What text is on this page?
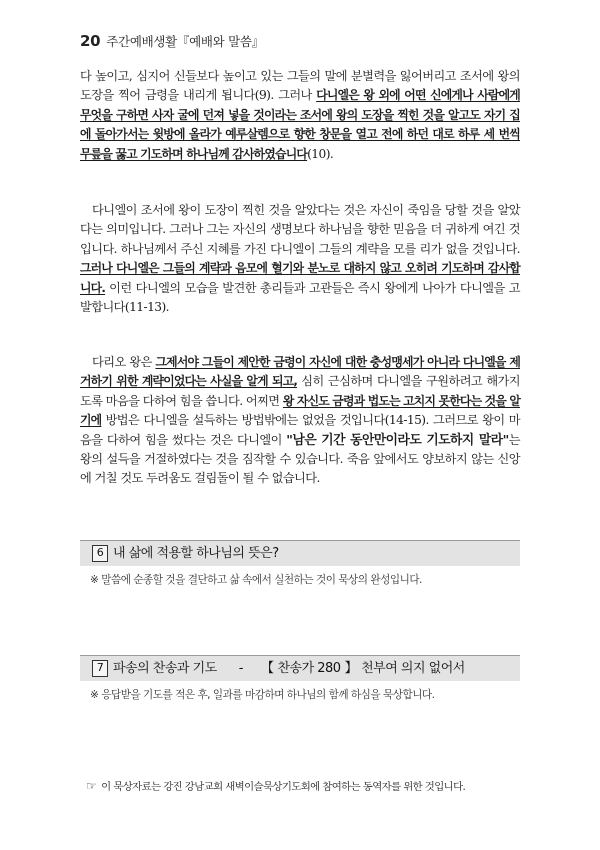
20 주간예배생활『예배와 말씀』

다 높이고, 심지어 신들보다 높이고 있는 그들의 말에 분별력을 잃어버리고 조서에 왕의 도장을 찍어 금령을 내리게 됩니다(9). 그러나 다니엘은 왕 외에 어떤 신에게나 사람에게 무엇을 구하면 사자 굴에 던져 넣을 것이라는 조서에 왕의 도장을 찍힌 것을 알고도 자기 집에 돌아가서는 윗방에 올라가 예루살렘으로 향한 창문을 열고 전에 하던 대로 하루 세 번씩 무릎을 꿇고 기도하며 하나님께 감사하였습니다(10).

다니엘이 조서에 왕이 도장이 찍힌 것을 알았다는 것은 자신이 죽임을 당할 것을 알았다는 의미입니다. 그러나 그는 자신의 생명보다 하나님을 향한 믿음을 더 귀하게 여긴 것입니다. 하나님께서 주신 지혜를 가진 다니엘이 그들의 계략을 모를 리가 없을 것입니다. 그러나 다니엘은 그들의 계략과 음모에 혈기와 분노로 대하지 않고 오히려 기도하며 감사합니다. 이런 다니엘의 모습을 발견한 총리들과 고관들은 즉시 왕에게 나아가 다니엘을 고발합니다(11-13).

다리오 왕은 그제서야 그들이 제안한 금령이 자신에 대한 충성맹세가 아니라 다니엘을 제거하기 위한 계략이었다는 사실을 알게 되고, 심히 근심하며 다니엘을 구원하려고 해가지도록 마음을 다하여 힘을 씁니다. 어찌면 왕 자신도 금령과 법도는 고치지 못한다는 것을 알기에 방법은 다니엘을 설득하는 방법밖에는 없었을 것입니다(14-15). 그러므로 왕이 마음을 다하여 힘을 썼다는 것은 다니엘이 "남은 기간 동안만이라도 기도하지 말라"는 왕의 설득을 거절하였다는 것을 짐작할 수 있습니다. 죽음 앞에서도 양보하지 않는 신앙에 거칠 것도 두려움도 걸림돌이 될 수 없습니다.

6 내 삶에 적용할 하나님의 뜻은?
※ 말씀에 순종할 것을 결단하고 삶 속에서 실천하는 것이 묵상의 완성입니다.
7 파송의 찬송과 기도 - 【 찬송가 280 】 천부여 의지 없어서
※ 응답받을 기도를 적은 후, 일과를 마감하며 하나님의 함께 하심을 묵상합니다.
☞ 이 묵상자료는 강진 강남교회 새벽이슬묵상기도회에 참여하는 동역자를 위한 것입니다.
